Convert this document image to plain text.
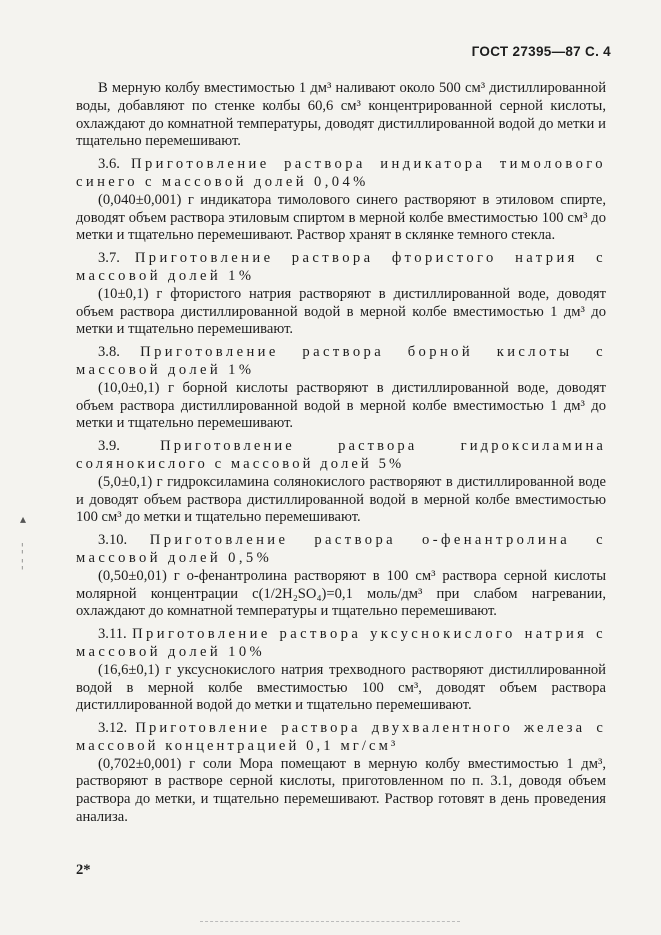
ГОСТ 27395—87 С. 4

В мерную колбу вместимостью 1 дм³ наливают около 500 см³ дистиллированной воды, добавляют по стенке колбы 60,6 см³ концентрированной серной кислоты, охлаждают до комнатной температуры, доводят дистиллированной водой до метки и тщательно перемешивают.

3.6. Приготовление раствора индикатора тимолового синего с массовой долей 0,04%

(0,040±0,001) г индикатора тимолового синего растворяют в этиловом спирте, доводят объем раствора этиловым спиртом в мерной колбе вместимостью 100 см³ до метки и тщательно перемешивают. Раствор хранят в склянке темного стекла.

3.7. Приготовление раствора фтористого натрия с массовой долей 1%

(10±0,1) г фтористого натрия растворяют в дистиллированной воде, доводят объем раствора дистиллированной водой в мерной колбе вместимостью 1 дм³ до метки и тщательно перемешивают.

3.8. Приготовление раствора борной кислоты с массовой долей 1%

(10,0±0,1) г борной кислоты растворяют в дистиллированной воде, доводят объем раствора дистиллированной водой в мерной колбе вместимостью 1 дм³ до метки и тщательно перемешивают.

3.9.	Приготовление раствора гидроксиламина солянокислого с массовой долей 5%

(5,0±0,1) г гидроксиламина солянокислого растворяют в дистиллированной воде и доводят объем раствора дистиллированной водой в мерной колбе вместимостью 100 см³ до метки и тщательно перемешивают.

3.10. Приготовление раствора о-фенантролина с массовой долей 0,5%

(0,50±0,01) г о-фенантролина растворяют в 100 см³ раствора серной кислоты молярной концентрации c(1/2H₂SO₄)=0,1 моль/дм³ при слабом нагревании, охлаждают до комнатной температуры и тщательно перемешивают.

3.11. Приготовление раствора уксуснокислого натрия с массовой долей 10%

(16,6±0,1) г уксуснокислого натрия трехводного растворяют дистиллированной водой в мерной колбе вместимостью 100 см³, доводят объем раствора дистиллированной водой до метки и тщательно перемешивают.

3.12. Приготовление раствора двухвалентного железа с массовой концентрацией 0,1 мг/см³

(0,702±0,001) г соли Мора помещают в мерную колбу вместимостью 1 дм³, растворяют в растворе серной кислоты, приготовленном по п. 3.1, доводя объем раствора до метки, и тщательно перемешивают. Раствор готовят в день проведения анализа.

2*
▴
¦
¦
